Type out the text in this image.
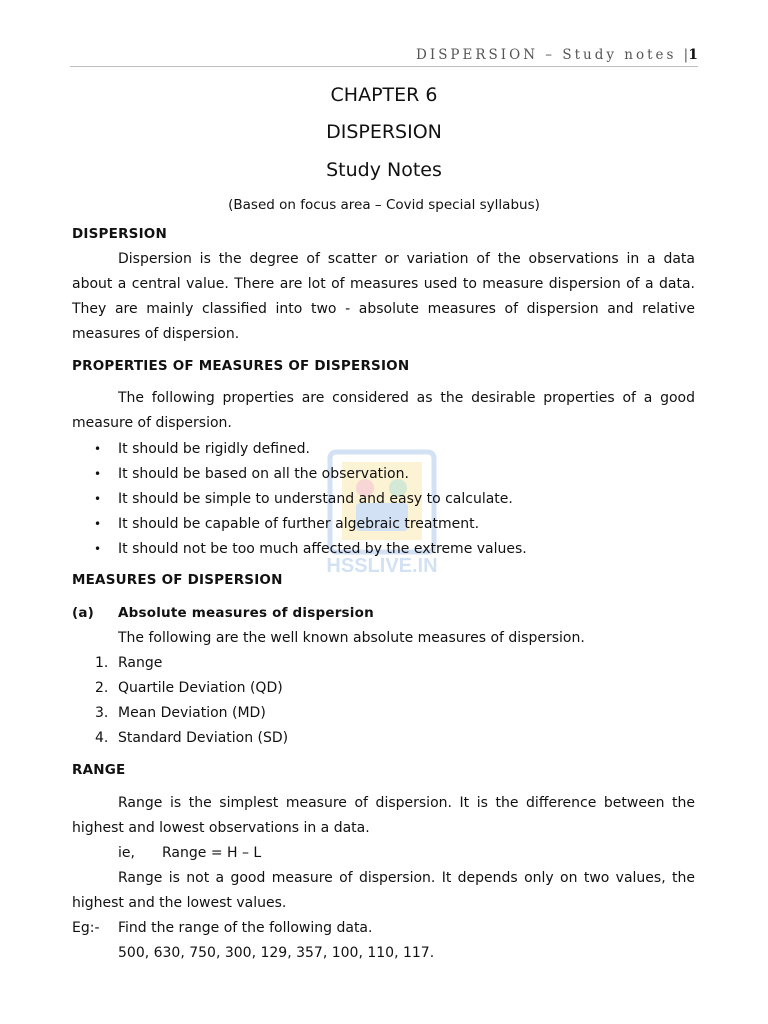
DISPERSION – Study notes |1
CHAPTER 6
DISPERSION
Study Notes
(Based on focus area – Covid special syllabus)
HSSLIVE.IN
DISPERSION

Dispersion is the degree of scatter or variation of the observations in a data about a central value. There are lot of measures used to measure dispersion of a data. They are mainly classified into two - absolute measures of dispersion and relative measures of dispersion.

PROPERTIES OF MEASURES OF DISPERSION

The following properties are considered as the desirable properties of a good measure of dispersion.

• It should be rigidly defined.
• It should be based on all the observation.
• It should be simple to understand and easy to calculate.
• It should be capable of further algebraic treatment.
• It should not be too much affected by the extreme values.
MEASURES OF DISPERSION
(a) Absolute measures of dispersion
The following are the well known absolute measures of dispersion.
1. Range
2. Quartile Deviation (QD)
3. Mean Deviation (MD)
4. Standard Deviation (SD)
RANGE

Range is the simplest measure of dispersion. It is the difference between the highest and lowest observations in a data.

ie, Range = H – L

Range is not a good measure of dispersion. It depends only on two values, the highest and the lowest values.

Eg:- Find the range of the following data.
500, 630, 750, 300, 129, 357, 100, 110, 117.
